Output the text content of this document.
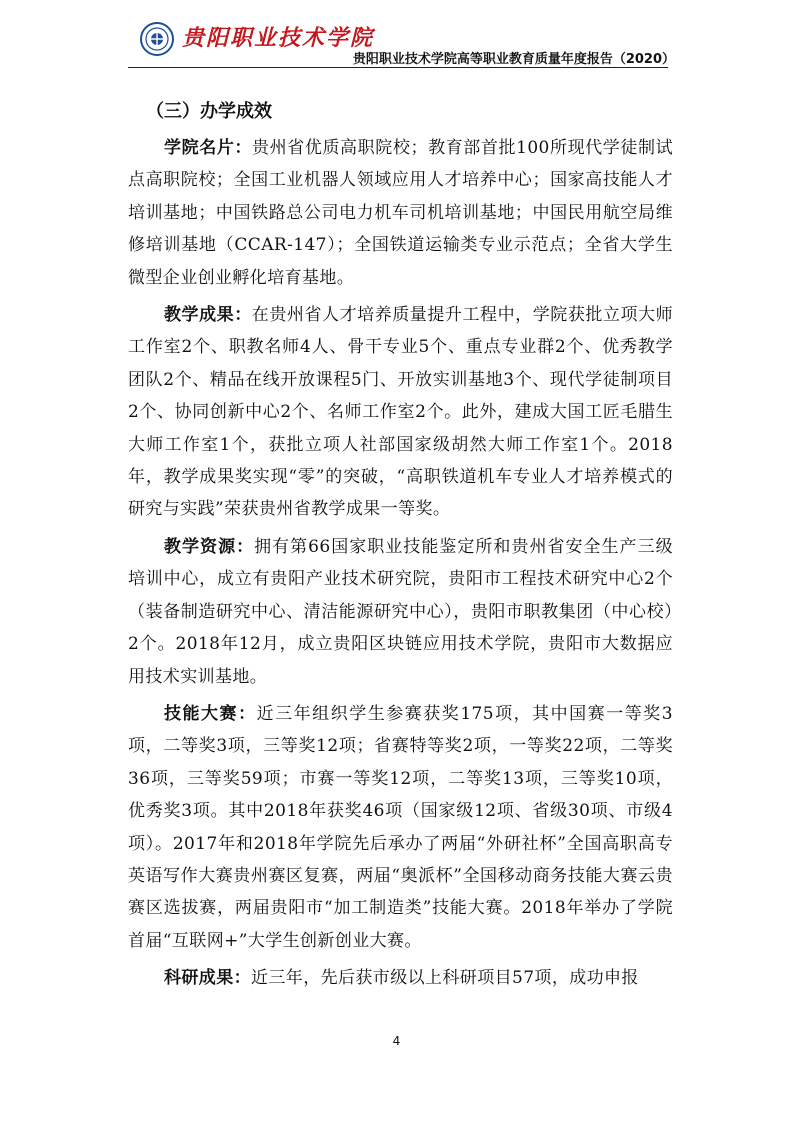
贵阳职业技术学院
贵阳职业技术学院高等职业教育质量年度报告（2020）
（三）办学成效

学院名片：贵州省优质高职院校；教育部首批100所现代学徒制试点高职院校；全国工业机器人领域应用人才培养中心；国家高技能人才培训基地；中国铁路总公司电力机车司机培训基地；中国民用航空局维修培训基地（CCAR-147）；全国铁道运输类专业示范点；全省大学生微型企业创业孵化培育基地。

教学成果：在贵州省人才培养质量提升工程中，学院获批立项大师工作室2个、职教名师4人、骨干专业5个、重点专业群2个、优秀教学团队2个、精品在线开放课程5门、开放实训基地3个、现代学徒制项目2个、协同创新中心2个、名师工作室2个。此外，建成大国工匠毛腊生大师工作室1个，获批立项人社部国家级胡然大师工作室1个。2018年，教学成果奖实现“零”的突破，“高职铁道机车专业人才培养模式的研究与实践”荣获贵州省教学成果一等奖。

教学资源：拥有第66国家职业技能鉴定所和贵州省安全生产三级培训中心，成立有贵阳产业技术研究院，贵阳市工程技术研究中心2个（装备制造研究中心、清洁能源研究中心），贵阳市职教集团（中心校）2个。2018年12月，成立贵阳区块链应用技术学院，贵阳市大数据应用技术实训基地。

技能大赛：近三年组织学生参赛获奖175项，其中国赛一等奖3项，二等奖3项，三等奖12项；省赛特等奖2项，一等奖22项，二等奖36项，三等奖59项；市赛一等奖12项，二等奖13项，三等奖10项，优秀奖3项。其中2018年获奖46项（国家级12项、省级30项、市级4项）。2017年和2018年学院先后承办了两届“外研社杯”全国高职高专英语写作大赛贵州赛区复赛，两届“奥派杯”全国移动商务技能大赛云贵赛区选拔赛，两届贵阳市“加工制造类”技能大赛。2018年举办了学院首届“互联网+”大学生创新创业大赛。

科研成果：近三年，先后获市级以上科研项目57项，成功申报

4
